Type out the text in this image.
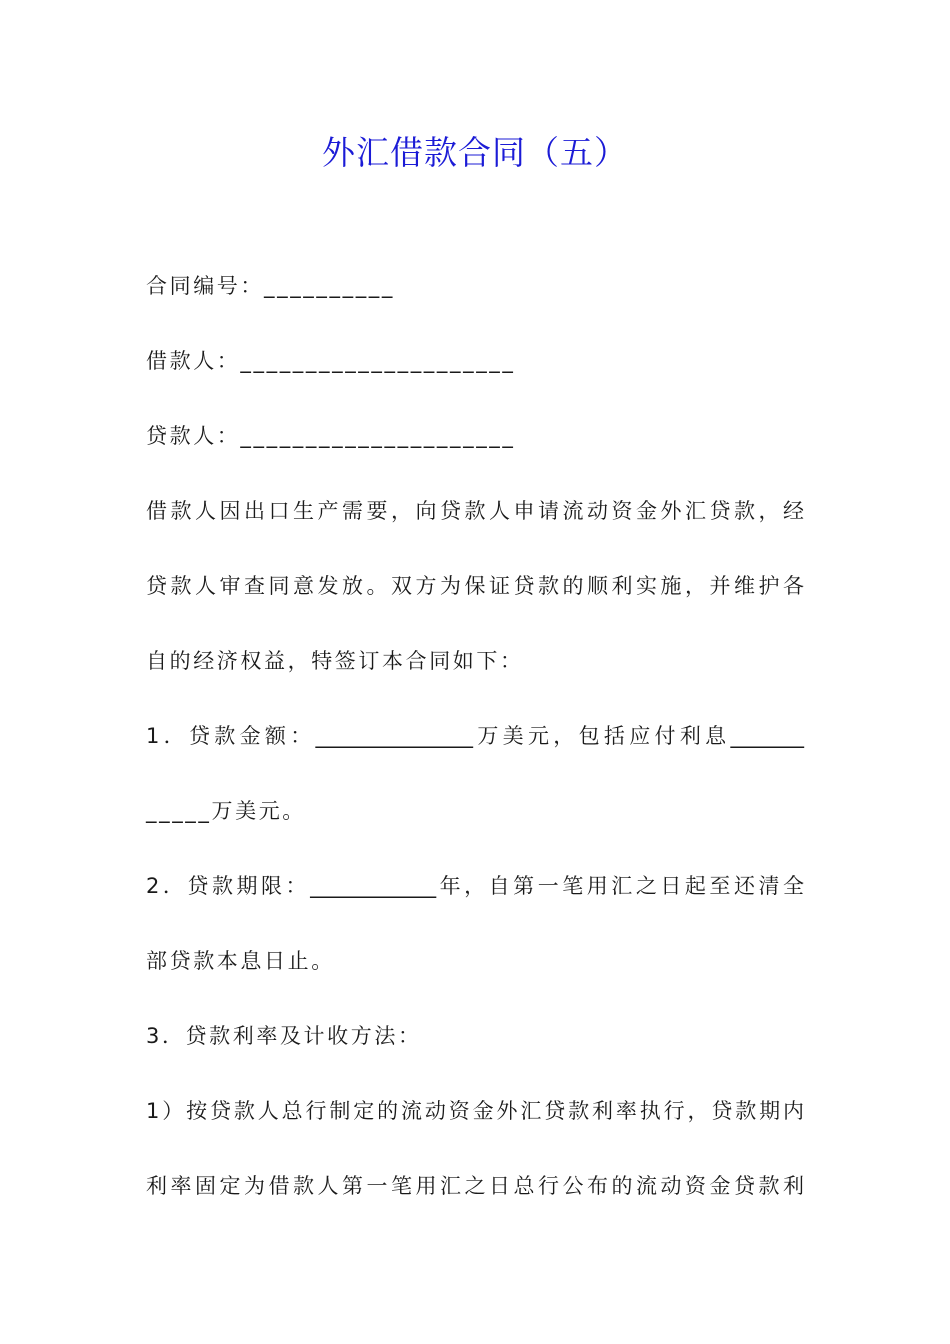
外汇借款合同（五）

合同编号：__________

借款人：_____________________

贷款人：_____________________

借款人因出口生产需要，向贷款人申请流动资金外汇贷款，经

贷款人审查同意发放。双方为保证贷款的顺利实施，并维护各

自的经济权益，特签订本合同如下：

1．贷款金额：_______________万美元，包括应付利息_______

_____万美元。

2．贷款期限：____________年，自第一笔用汇之日起至还清全

部贷款本息日止。

3．贷款利率及计收方法：

1）按贷款人总行制定的流动资金外汇贷款利率执行，贷款期内

利率固定为借款人第一笔用汇之日总行公布的流动资金贷款利
